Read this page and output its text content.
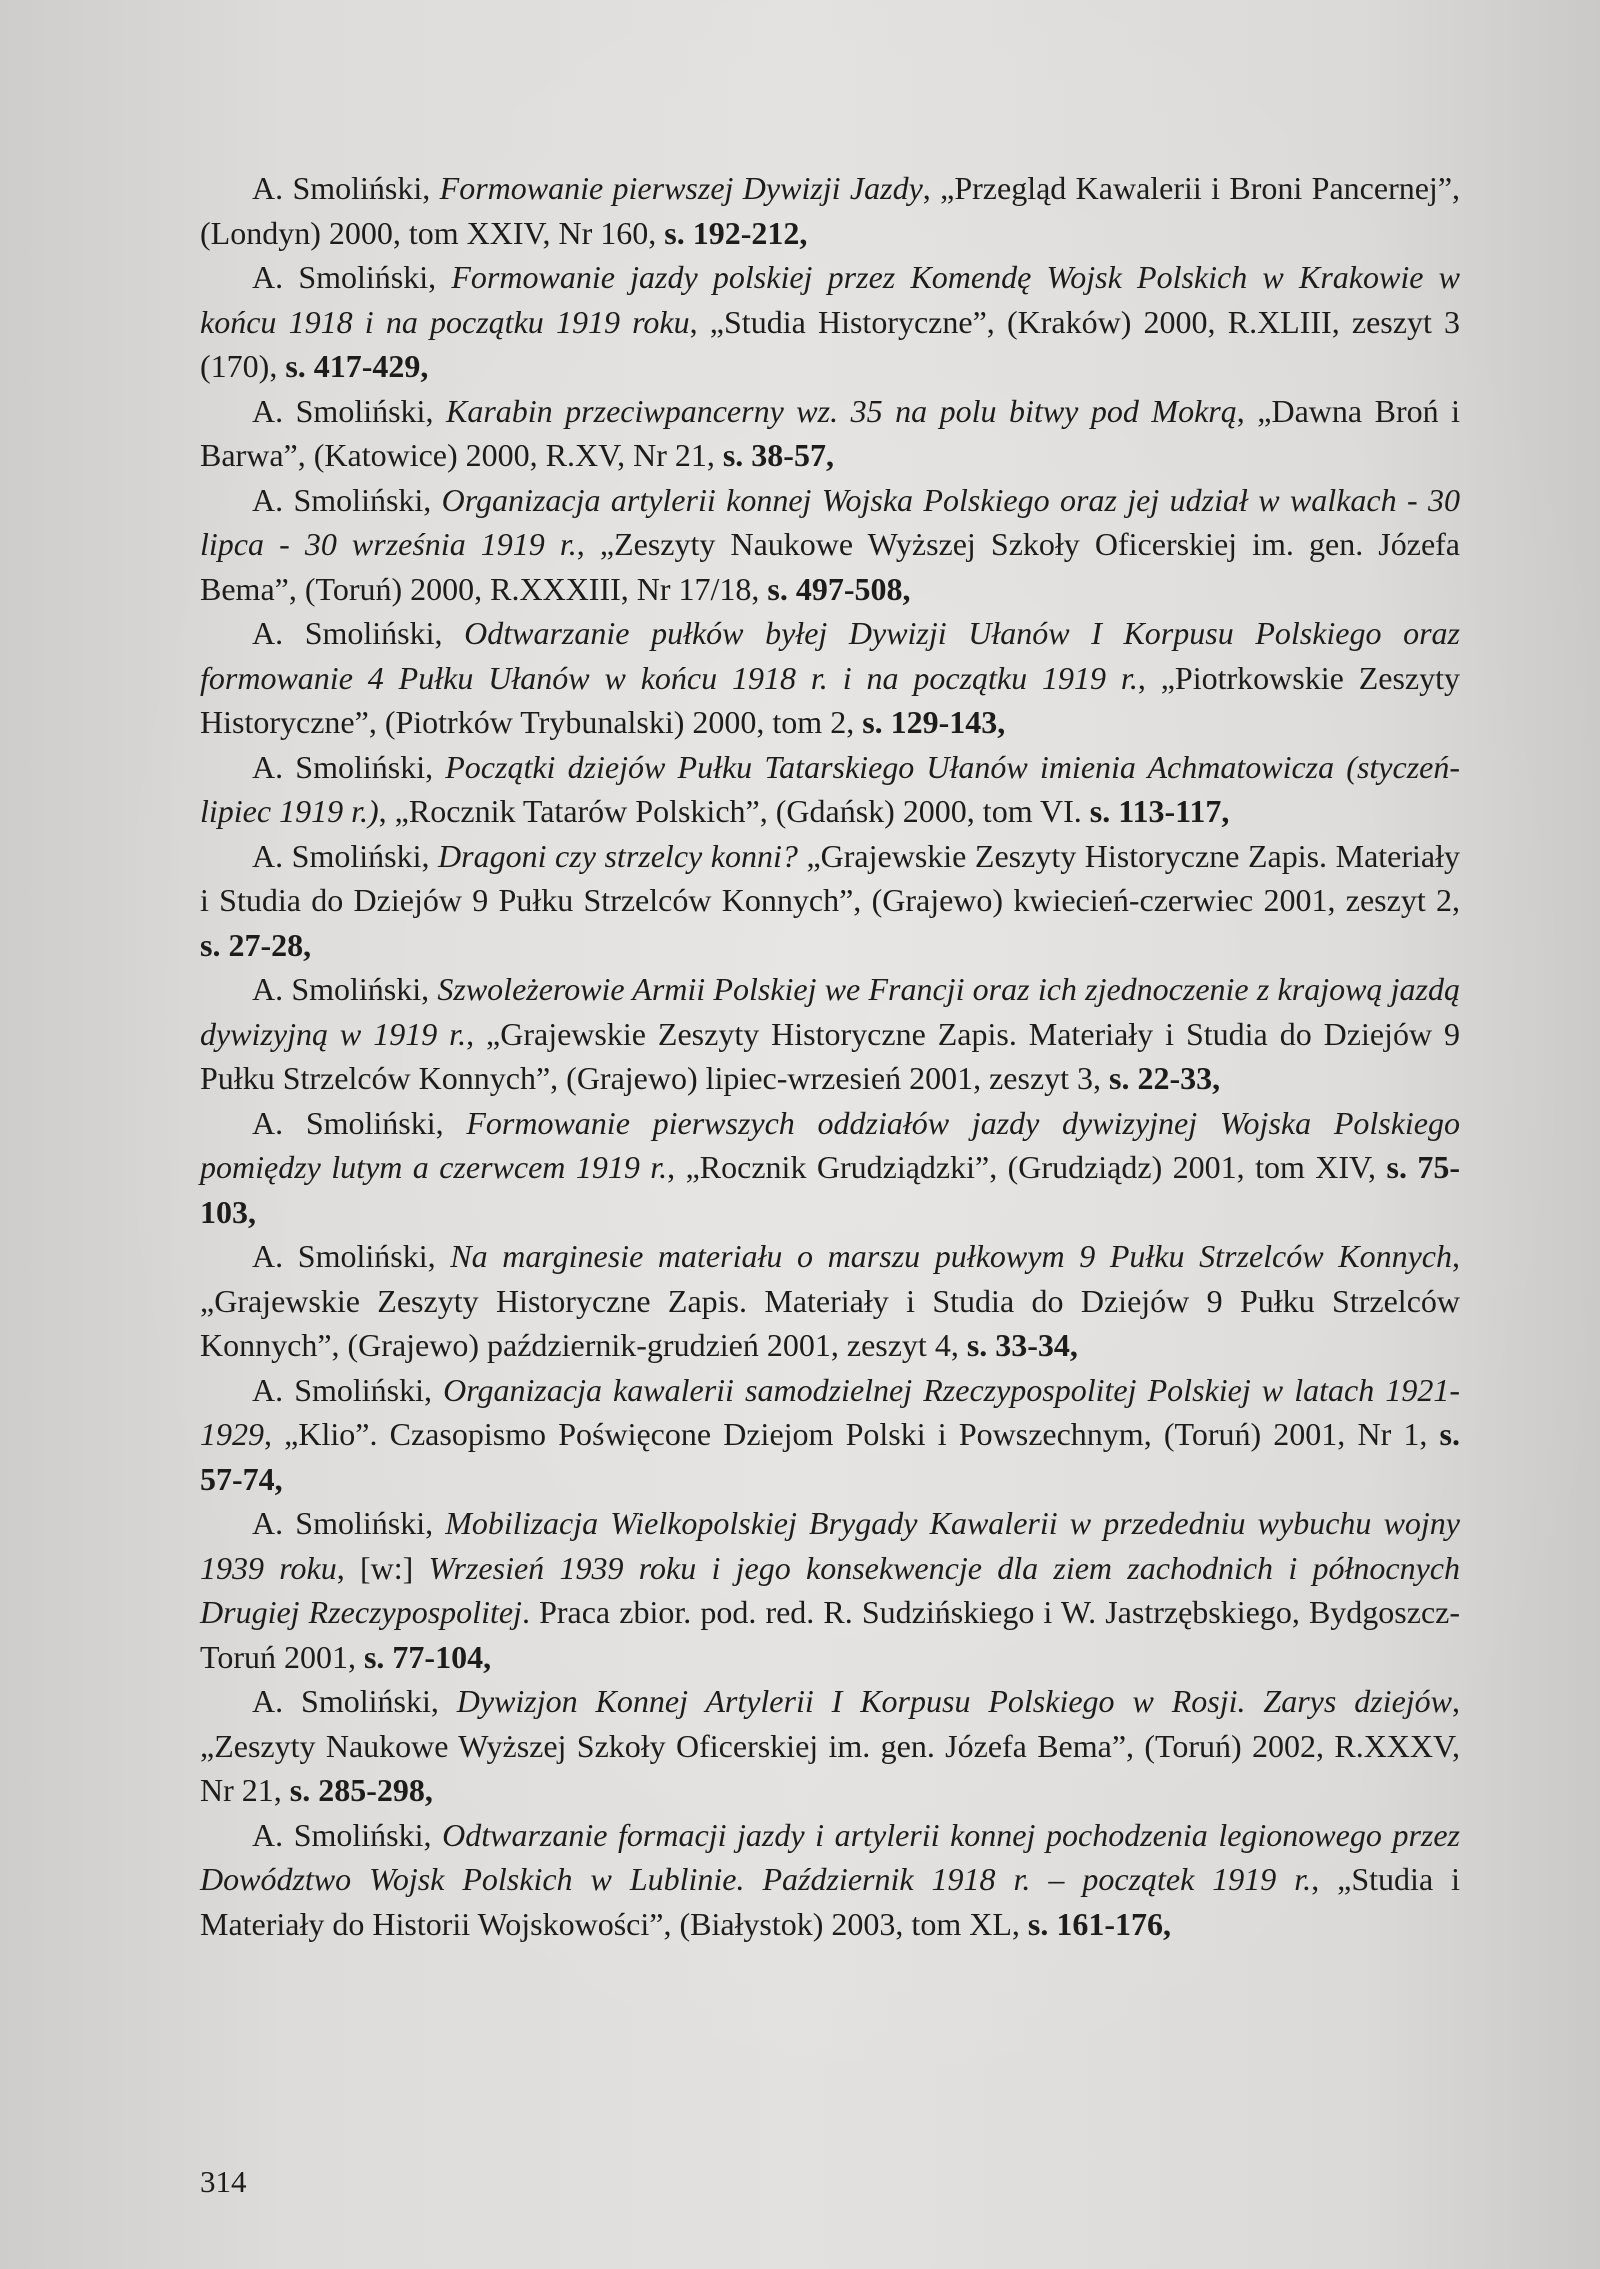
A. Smoliński, Formowanie pierwszej Dywizji Jazdy, „Przegląd Kawalerii i Broni Pancernej”, (Londyn) 2000, tom XXIV, Nr 160, s. 192-212,

A. Smoliński, Formowanie jazdy polskiej przez Komendę Wojsk Polskich w Krakowie w końcu 1918 i na początku 1919 roku, „Studia Historyczne”, (Kraków) 2000, R.XLIII, zeszyt 3 (170), s. 417-429,

A. Smoliński, Karabin przeciwpancerny wz. 35 na polu bitwy pod Mokrą, „Dawna Broń i Barwa”, (Katowice) 2000, R.XV, Nr 21, s. 38-57,

A. Smoliński, Organizacja artylerii konnej Wojska Polskiego oraz jej udział w walkach - 30 lipca - 30 września 1919 r., „Zeszyty Naukowe Wyższej Szkoły Oficerskiej im. gen. Józefa Bema”, (Toruń) 2000, R.XXXIII, Nr 17/18, s. 497-508,

A. Smoliński, Odtwarzanie pułków byłej Dywizji Ułanów I Korpusu Polskiego oraz formowanie 4 Pułku Ułanów w końcu 1918 r. i na początku 1919 r., „Piotrkowskie Zeszyty Historyczne”, (Piotrków Trybunalski) 2000, tom 2, s. 129-143,

A. Smoliński, Początki dziejów Pułku Tatarskiego Ułanów imienia Achmatowicza (styczeń-lipiec 1919 r.), „Rocznik Tatarów Polskich”, (Gdańsk) 2000, tom VI. s. 113-117,

A. Smoliński, Dragoni czy strzelcy konni? „Grajewskie Zeszyty Historyczne Zapis. Materiały i Studia do Dziejów 9 Pułku Strzelców Konnych”, (Grajewo) kwiecień-czerwiec 2001, zeszyt 2, s. 27-28,

A. Smoliński, Szwoleżerowie Armii Polskiej we Francji oraz ich zjednoczenie z krajową jazdą dywizyjną w 1919 r., „Grajewskie Zeszyty Historyczne Zapis. Materiały i Studia do Dziejów 9 Pułku Strzelców Konnych”, (Grajewo) lipiec-wrzesień 2001, zeszyt 3, s. 22-33,

A. Smoliński, Formowanie pierwszych oddziałów jazdy dywizyjnej Wojska Polskiego pomiędzy lutym a czerwcem 1919 r., „Rocznik Grudziądzki”, (Grudziądz) 2001, tom XIV, s. 75-103,

A. Smoliński, Na marginesie materiału o marszu pułkowym 9 Pułku Strzelców Konnych, „Grajewskie Zeszyty Historyczne Zapis. Materiały i Studia do Dziejów 9 Pułku Strzelców Konnych”, (Grajewo) październik-grudzień 2001, zeszyt 4, s. 33-34,

A. Smoliński, Organizacja kawalerii samodzielnej Rzeczypospolitej Polskiej w latach 1921-1929, „Klio”. Czasopismo Poświęcone Dziejom Polski i Powszechnym, (Toruń) 2001, Nr 1, s. 57-74,

A. Smoliński, Mobilizacja Wielkopolskiej Brygady Kawalerii w przededniu wybuchu wojny 1939 roku, [w:] Wrzesień 1939 roku i jego konsekwencje dla ziem zachodnich i północnych Drugiej Rzeczypospolitej. Praca zbior. pod. red. R. Sudzińskiego i W. Jastrzębskiego, Bydgoszcz-Toruń 2001, s. 77-104,

A. Smoliński, Dywizjon Konnej Artylerii I Korpusu Polskiego w Rosji. Zarys dziejów, „Zeszyty Naukowe Wyższej Szkoły Oficerskiej im. gen. Józefa Bema”, (Toruń) 2002, R.XXXV, Nr 21, s. 285-298,

A. Smoliński, Odtwarzanie formacji jazdy i artylerii konnej pochodzenia legionowego przez Dowództwo Wojsk Polskich w Lublinie. Październik 1918 r. – początek 1919 r., „Studia i Materiały do Historii Wojskowości”, (Białystok) 2003, tom XL, s. 161-176,

314
